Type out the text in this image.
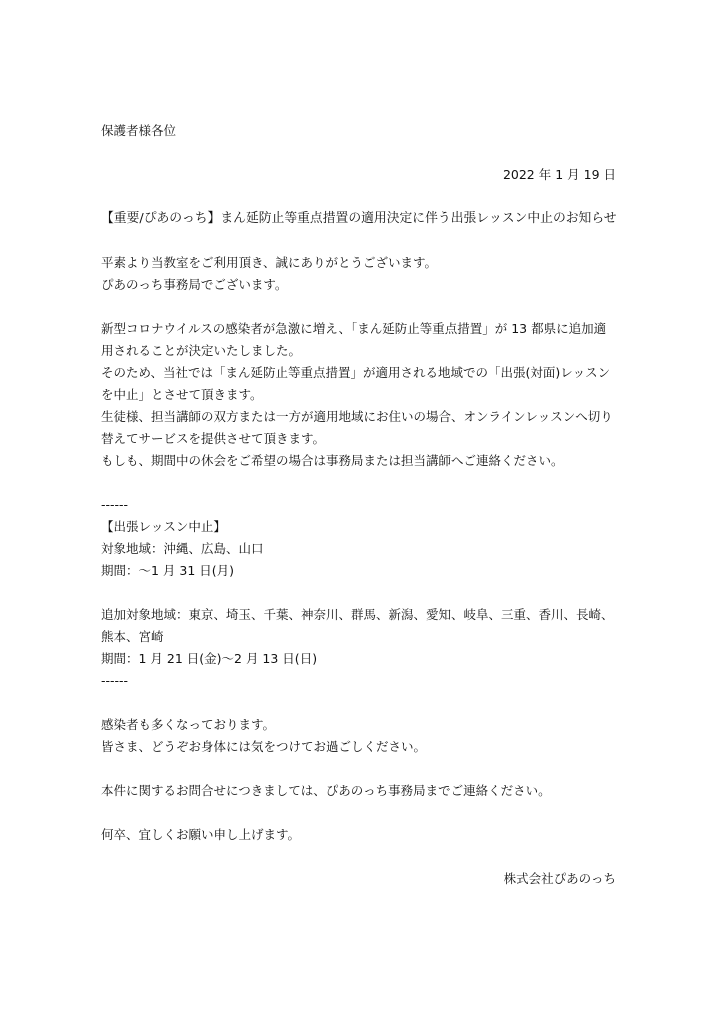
保護者様各位
2022 年 1 月 19 日
【重要/ぴあのっち】まん延防止等重点措置の適用決定に伴う出張レッスン中止のお知らせ
平素より当教室をご利用頂き、誠にありがとうございます。
ぴあのっち事務局でございます。
新型コロナウイルスの感染者が急激に増え、「まん延防止等重点措置」が 13 都県に追加適
用されることが決定いたしました。
そのため、当社では「まん延防止等重点措置」が適用される地域での「出張(対面)レッスン
を中止」とさせて頂きます。
生徒様、担当講師の双方または一方が適用地域にお住いの場合、オンラインレッスンへ切り
替えてサービスを提供させて頂きます。
もしも、期間中の休会をご希望の場合は事務局または担当講師へご連絡ください。
------
【出張レッスン中止】
対象地域：沖縄、広島、山口
期間：～1 月 31 日(月)
追加対象地域：東京、埼玉、千葉、神奈川、群馬、新潟、愛知、岐阜、三重、香川、長崎、
熊本、宮崎
期間：1 月 21 日(金)～2 月 13 日(日)
------
感染者も多くなっております。
皆さま、どうぞお身体には気をつけてお過ごしください。
本件に関するお問合せにつきましては、ぴあのっち事務局までご連絡ください。
何卒、宜しくお願い申し上げます。
株式会社ぴあのっち
